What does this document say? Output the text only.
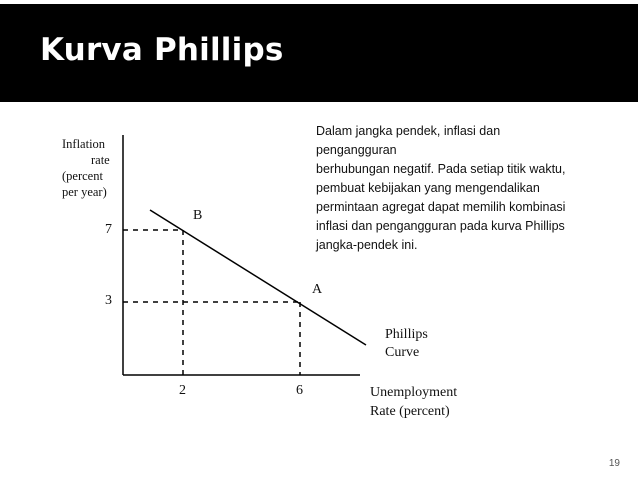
Kurva Phillips
Inflation
rate
(percent
per year)
7
3
2	6
B
A
Phillips
Curve
Unemployment
Rate (percent)
Dalam jangka pendek, inflasi dan
pengangguran
berhubungan negatif. Pada setiap titik waktu,
pembuat kebijakan yang mengendalikan
permintaan agregat dapat memilih kombinasi
inflasi dan pengangguran pada kurva Phillips
jangka-pendek ini.
19
